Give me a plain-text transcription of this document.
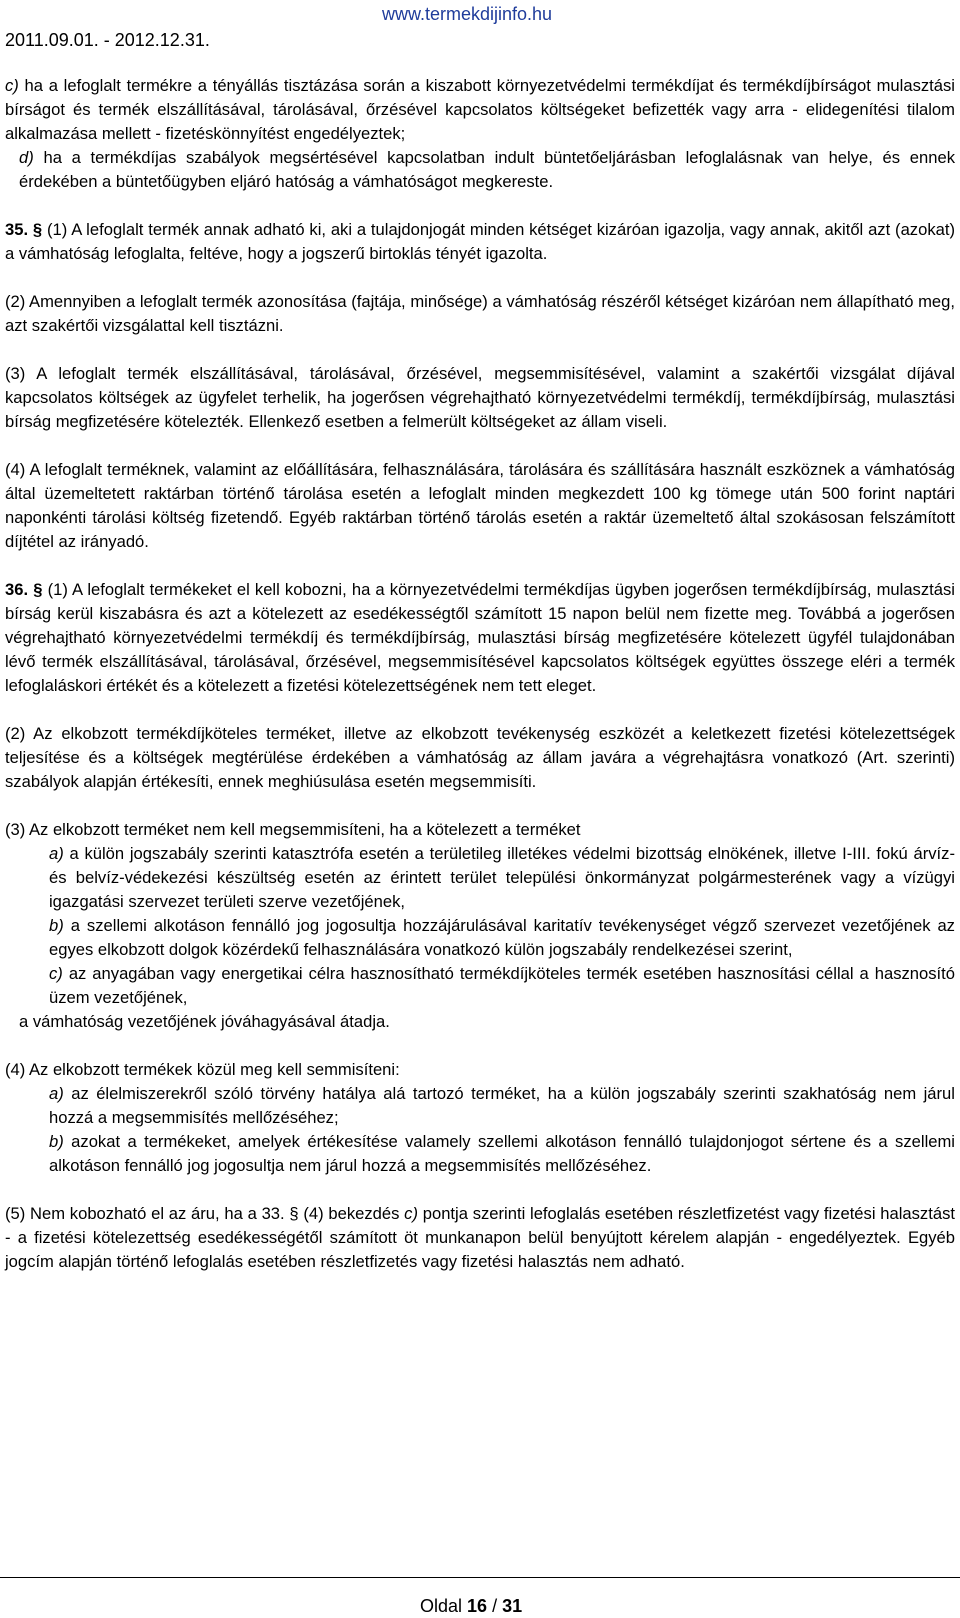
2011.09.01. - 2012.12.31.
www.termekdijinfo.hu

c) ha a lefoglalt termékre a tényállás tisztázása során a kiszabott környezetvédelmi termékdíjat és termékdíjbírságot mulasztási bírságot és termék elszállításával, tárolásával, őrzésével kapcsolatos költségeket befizették vagy arra - elidegenítési tilalom alkalmazása mellett - fizetéskönnyítést engedélyeztek;

d) ha a termékdíjas szabályok megsértésével kapcsolatban indult büntetőeljárásban lefoglalásnak van helye, és ennek érdekében a büntetőügyben eljáró hatóság a vámhatóságot megkereste.

35. § (1) A lefoglalt termék annak adható ki, aki a tulajdonjogát minden kétséget kizáróan igazolja, vagy annak, akitől azt (azokat) a vámhatóság lefoglalta, feltéve, hogy a jogszerű birtoklás tényét igazolta.

(2) Amennyiben a lefoglalt termék azonosítása (fajtája, minősége) a vámhatóság részéről kétséget kizáróan nem állapítható meg, azt szakértői vizsgálattal kell tisztázni.

(3) A lefoglalt termék elszállításával, tárolásával, őrzésével, megsemmisítésével, valamint a szakértői vizsgálat díjával kapcsolatos költségek az ügyfelet terhelik, ha jogerősen végrehajtható környezetvédelmi termékdíj, termékdíjbírság, mulasztási bírság megfizetésére kötelezték. Ellenkező esetben a felmerült költségeket az állam viseli.

(4) A lefoglalt terméknek, valamint az előállítására, felhasználására, tárolására és szállítására használt eszköznek a vámhatóság által üzemeltetett raktárban történő tárolása esetén a lefoglalt minden megkezdett 100 kg tömege után 500 forint naptári naponkénti tárolási költség fizetendő. Egyéb raktárban történő tárolás esetén a raktár üzemeltető által szokásosan felszámított díjtétel az irányadó.

36. § (1) A lefoglalt termékeket el kell kobozni, ha a környezetvédelmi termékdíjas ügyben jogerősen termékdíjbírság, mulasztási bírság kerül kiszabásra és azt a kötelezett az esedékességtől számított 15 napon belül nem fizette meg. Továbbá a jogerősen végrehajtható környezetvédelmi termékdíj és termékdíjbírság, mulasztási bírság megfizetésére kötelezett ügyfél tulajdonában lévő termék elszállításával, tárolásával, őrzésével, megsemmisítésével kapcsolatos költségek együttes összege eléri a termék lefoglaláskori értékét és a kötelezett a fizetési kötelezettségének nem tett eleget.

(2) Az elkobzott termékdíjköteles terméket, illetve az elkobzott tevékenység eszközét a keletkezett fizetési kötelezettségek teljesítése és a költségek megtérülése érdekében a vámhatóság az állam javára a végrehajtásra vonatkozó (Art. szerinti) szabályok alapján értékesíti, ennek meghiúsulása esetén megsemmisíti.

(3) Az elkobzott terméket nem kell megsemmisíteni, ha a kötelezett a terméket

a) a külön jogszabály szerinti katasztrófa esetén a területileg illetékes védelmi bizottság elnökének, illetve I-III. fokú árvíz- és belvíz-védekezési készültség esetén az érintett terület települési önkormányzat polgármesterének vagy a vízügyi igazgatási szervezet területi szerve vezetőjének,

b) a szellemi alkotáson fennálló jog jogosultja hozzájárulásával karitatív tevékenységet végző szervezet vezetőjének az egyes elkobzott dolgok közérdekű felhasználására vonatkozó külön jogszabály rendelkezései szerint,

c) az anyagában vagy energetikai célra hasznosítható termékdíjköteles termék esetében hasznosítási céllal a hasznosító üzem vezetőjének,

a vámhatóság vezetőjének jóváhagyásával átadja.

(4) Az elkobzott termékek közül meg kell semmisíteni:

a) az élelmiszerekről szóló törvény hatálya alá tartozó terméket, ha a külön jogszabály szerinti szakhatóság nem járul hozzá a megsemmisítés mellőzéséhez;

b) azokat a termékeket, amelyek értékesítése valamely szellemi alkotáson fennálló tulajdonjogot sértene és a szellemi alkotáson fennálló jog jogosultja nem járul hozzá a megsemmisítés mellőzéséhez.

(5) Nem kobozható el az áru, ha a 33. § (4) bekezdés c) pontja szerinti lefoglalás esetében részletfizetést vagy fizetési halasztást - a fizetési kötelezettség esedékességétől számított öt munkanapon belül benyújtott kérelem alapján - engedélyeztek. Egyéb jogcím alapján történő lefoglalás esetében részletfizetés vagy fizetési halasztás nem adható.

Oldal 16 / 31
